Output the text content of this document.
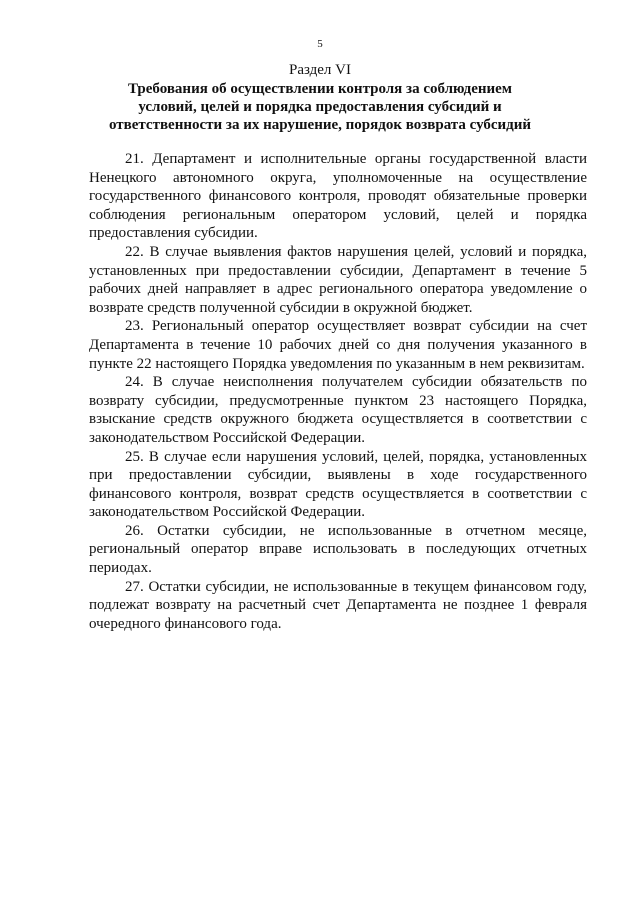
5
Раздел VI
Требования об осуществлении контроля за соблюдением
условий, целей и порядка предоставления субсидий и
ответственности за их нарушение, порядок возврата субсидий

21. Департамент и исполнительные органы государственной власти Ненецкого автономного округа, уполномоченные на осуществление государственного финансового контроля, проводят обязательные проверки соблюдения региональным оператором условий, целей и порядка предоставления субсидии.

22. В случае выявления фактов нарушения целей, условий и порядка, установленных при предоставлении субсидии, Департамент в течение 5 рабочих дней направляет в адрес регионального оператора уведомление о возврате средств полученной субсидии в окружной бюджет.

23. Региональный оператор осуществляет возврат субсидии на счет Департамента в течение 10 рабочих дней со дня получения указанного в пункте 22 настоящего Порядка уведомления по указанным в нем реквизитам.

24. В случае неисполнения получателем субсидии обязательств по возврату субсидии, предусмотренные пунктом 23 настоящего Порядка, взыскание средств окружного бюджета осуществляется в соответствии с законодательством Российской Федерации.

25. В случае если нарушения условий, целей, порядка, установленных при предоставлении субсидии, выявлены в ходе государственного финансового контроля, возврат средств осуществляется в соответствии с законодательством Российской Федерации.

26. Остатки субсидии, не использованные в отчетном месяце, региональный оператор вправе использовать в последующих отчетных периодах.

27. Остатки субсидии, не использованные в текущем финансовом году, подлежат возврату на расчетный счет Департамента не позднее 1 февраля очередного финансового года.
